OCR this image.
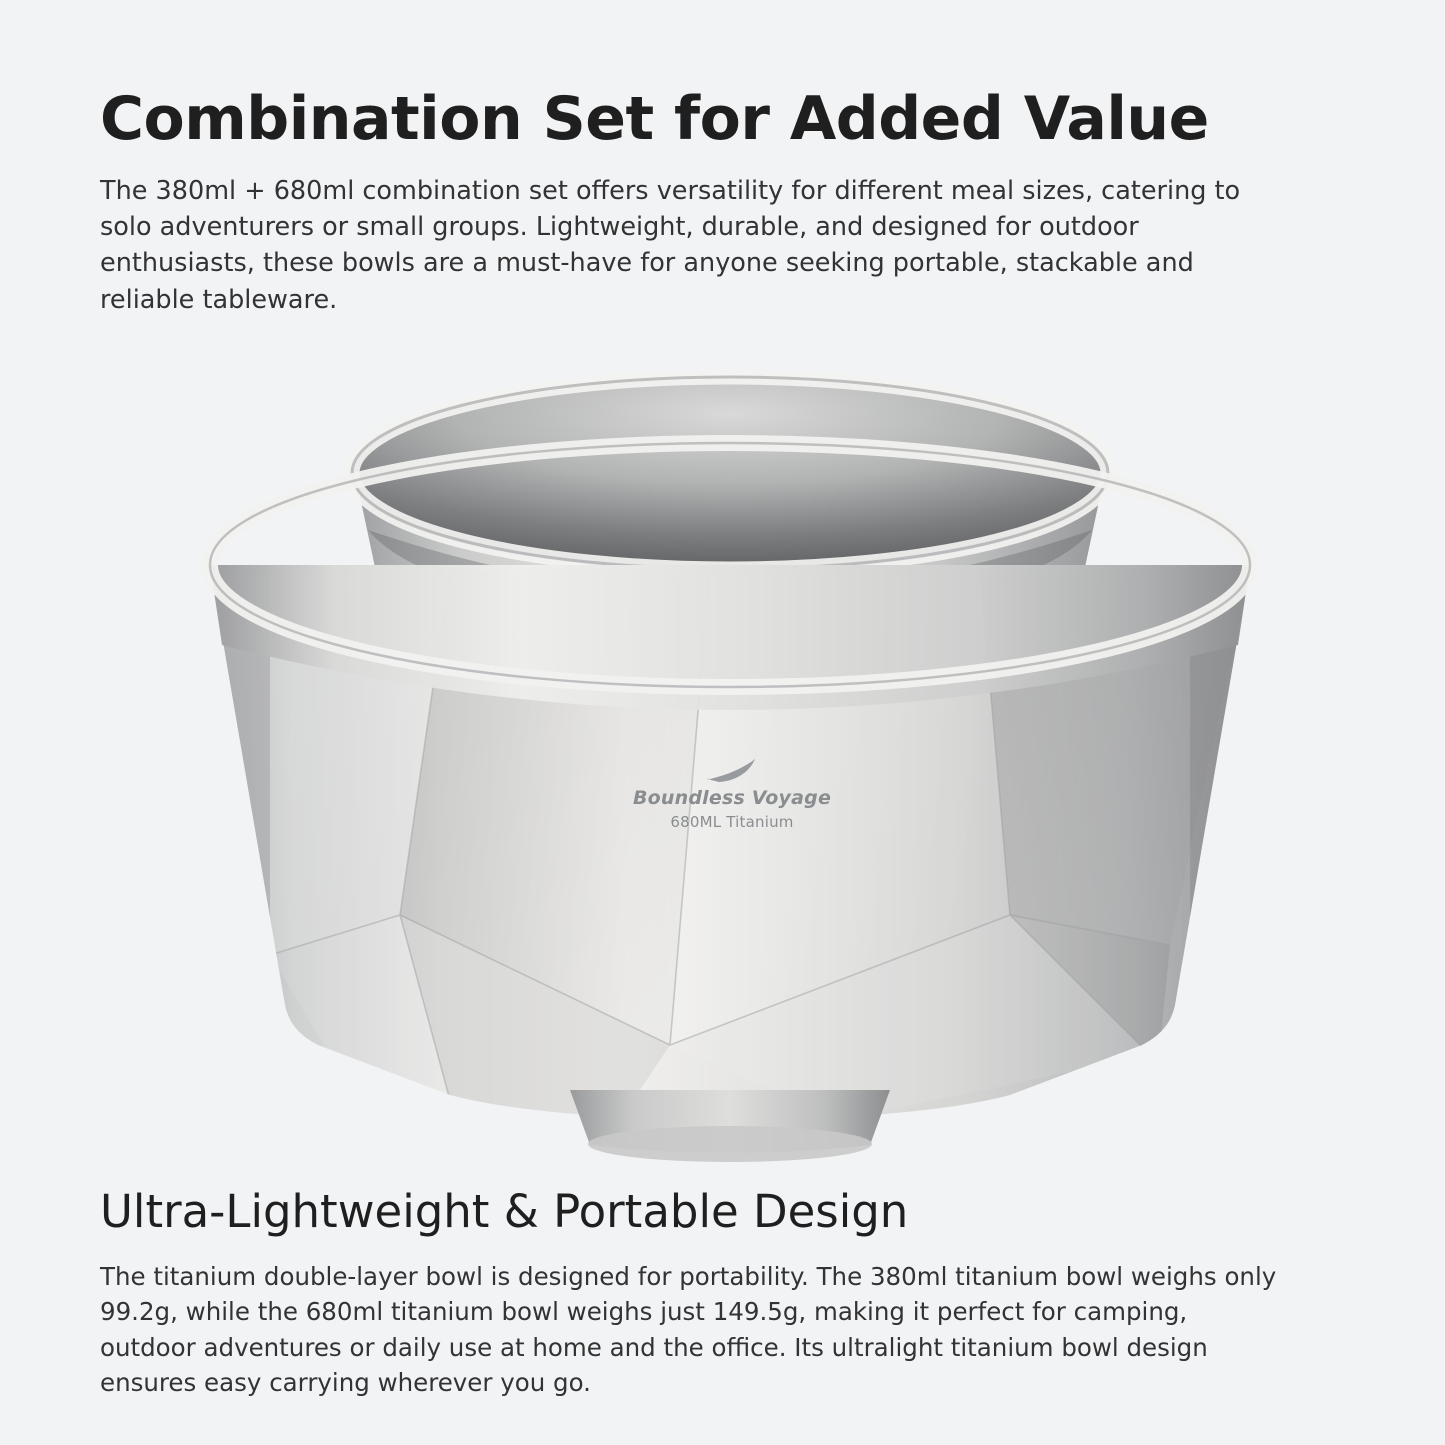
Combination Set for Added Value

The 380ml + 680ml combination set offers versatility for different meal sizes, catering to solo adventurers or small groups. Lightweight, durable, and designed for outdoor enthusiasts, these bowls are a must-have for anyone seeking portable, stackable and reliable tableware.

Boundless Voyage

680ML Titanium

Ultra-Lightweight & Portable Design

The titanium double-layer bowl is designed for portability. The 380ml titanium bowl weighs only 99.2g, while the 680ml titanium bowl weighs just 149.5g, making it perfect for camping, outdoor adventures or daily use at home and the office. Its ultralight titanium bowl design ensures easy carrying wherever you go.
